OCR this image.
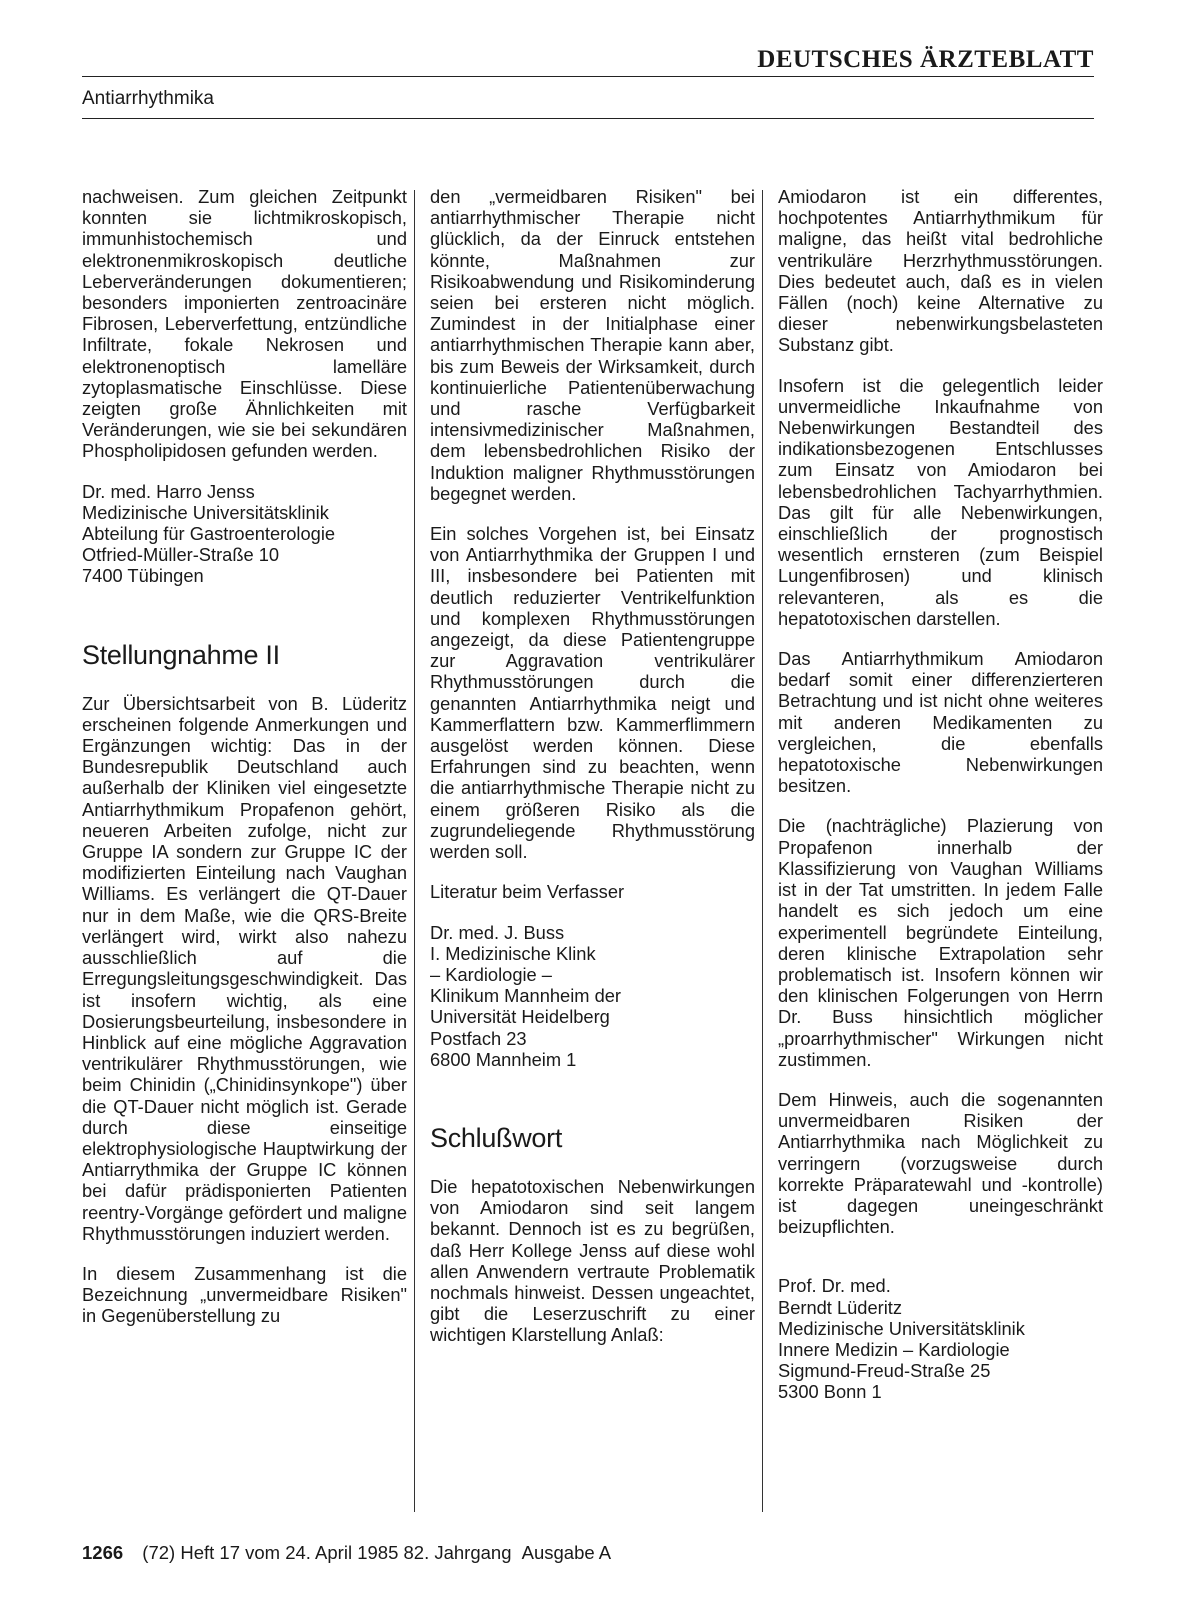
DEUTSCHES ÄRZTEBLATT
Antiarrhythmika

nachweisen. Zum gleichen Zeitpunkt konnten sie lichtmikroskopisch, immunhistochemisch und elektronenmikroskopisch deutliche Leberveränderungen dokumentieren; besonders imponierten zentroacinäre Fibrosen, Leberverfettung, entzündliche Infiltrate, fokale Nekrosen und elektronenoptisch lamelläre zytoplasmatische Einschlüsse. Diese zeigten große Ähnlichkeiten mit Veränderungen, wie sie bei sekundären Phospholipidosen gefunden werden.

Dr. med. Harro Jenss
Medizinische Universitätsklinik
Abteilung für Gastroenterologie
Otfried-Müller-Straße 10
7400 Tübingen

Stellungnahme II

Zur Übersichtsarbeit von B. Lüderitz erscheinen folgende Anmerkungen und Ergänzungen wichtig: Das in der Bundesrepublik Deutschland auch außerhalb der Kliniken viel eingesetzte Antiarrhythmikum Propafenon gehört, neueren Arbeiten zufolge, nicht zur Gruppe IA sondern zur Gruppe IC der modifizierten Einteilung nach Vaughan Williams. Es verlängert die QT-Dauer nur in dem Maße, wie die QRS-Breite verlängert wird, wirkt also nahezu ausschließlich auf die Erregungsleitungsgeschwindigkeit. Das ist insofern wichtig, als eine Dosierungsbeurteilung, insbesondere in Hinblick auf eine mögliche Aggravation ventrikulärer Rhythmusstörungen, wie beim Chinidin („Chinidinsynkope") über die QT-Dauer nicht möglich ist. Gerade durch diese einseitige elektrophysiologische Hauptwirkung der Antiarrythmika der Gruppe IC können bei dafür prädisponierten Patienten reentry-Vorgänge gefördert und maligne Rhythmusstörungen induziert werden.

In diesem Zusammenhang ist die Bezeichnung „unvermeidbare Risiken" in Gegenüberstellung zu

den „vermeidbaren Risiken" bei antiarrhythmischer Therapie nicht glücklich, da der Einruck entstehen könnte, Maßnahmen zur Risikoabwendung und Risikominderung seien bei ersteren nicht möglich. Zumindest in der Initialphase einer antiarrhythmischen Therapie kann aber, bis zum Beweis der Wirksamkeit, durch kontinuierliche Patientenüberwachung und rasche Verfügbarkeit intensivmedizinischer Maßnahmen, dem lebensbedrohlichen Risiko der Induktion maligner Rhythmusstörungen begegnet werden.

Ein solches Vorgehen ist, bei Einsatz von Antiarrhythmika der Gruppen I und III, insbesondere bei Patienten mit deutlich reduzierter Ventrikelfunktion und komplexen Rhythmusstörungen angezeigt, da diese Patientengruppe zur Aggravation ventrikulärer Rhythmusstörungen durch die genannten Antiarrhythmika neigt und Kammerflattern bzw. Kammerflimmern ausgelöst werden können. Diese Erfahrungen sind zu beachten, wenn die antiarrhythmische Therapie nicht zu einem größeren Risiko als die zugrundeliegende Rhythmusstörung werden soll.

Literatur beim Verfasser

Dr. med. J. Buss
I. Medizinische Klink
– Kardiologie –
Klinikum Mannheim der
Universität Heidelberg
Postfach 23
6800 Mannheim 1

Schlußwort

Die hepatotoxischen Nebenwirkungen von Amiodaron sind seit langem bekannt. Dennoch ist es zu begrüßen, daß Herr Kollege Jenss auf diese wohl allen Anwendern vertraute Problematik nochmals hinweist. Dessen ungeachtet, gibt die Leserzuschrift zu einer wichtigen Klarstellung Anlaß:

Amiodaron ist ein differentes, hochpotentes Antiarrhythmikum für maligne, das heißt vital bedrohliche ventrikuläre Herzrhythmusstörungen. Dies bedeutet auch, daß es in vielen Fällen (noch) keine Alternative zu dieser nebenwirkungsbelasteten Substanz gibt.

Insofern ist die gelegentlich leider unvermeidliche Inkaufnahme von Nebenwirkungen Bestandteil des indikationsbezogenen Entschlusses zum Einsatz von Amiodaron bei lebensbedrohlichen Tachyarrhythmien. Das gilt für alle Nebenwirkungen, einschließlich der prognostisch wesentlich ernsteren (zum Beispiel Lungenfibrosen) und klinisch relevanteren, als es die hepatotoxischen darstellen.

Das Antiarrhythmikum Amiodaron bedarf somit einer differenzierteren Betrachtung und ist nicht ohne weiteres mit anderen Medikamenten zu vergleichen, die ebenfalls hepatotoxische Nebenwirkungen besitzen.

Die (nachträgliche) Plazierung von Propafenon innerhalb der Klassifizierung von Vaughan Williams ist in der Tat umstritten. In jedem Falle handelt es sich jedoch um eine experimentell begründete Einteilung, deren klinische Extrapolation sehr problematisch ist. Insofern können wir den klinischen Folgerungen von Herrn Dr. Buss hinsichtlich möglicher „proarrhythmischer" Wirkungen nicht zustimmen.

Dem Hinweis, auch die sogenannten unvermeidbaren Risiken der Antiarrhythmika nach Möglichkeit zu verringern (vorzugsweise durch korrekte Präparatewahl und -kontrolle) ist dagegen uneingeschränkt beizupflichten.

Prof. Dr. med.
Berndt Lüderitz
Medizinische Universitätsklinik
Innere Medizin – Kardiologie
Sigmund-Freud-Straße 25
5300 Bonn 1

1266 (72) Heft 17 vom 24. April 1985 82. Jahrgang Ausgabe A
